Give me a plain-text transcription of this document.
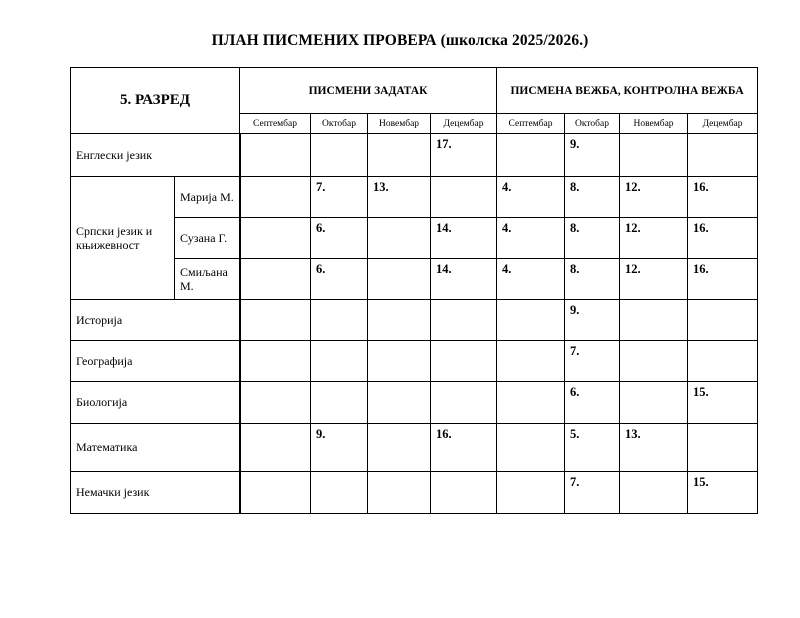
ПЛАН ПИСМЕНИХ ПРОВЕРА (школска 2025/2026.)
5. РАЗРЕД		ПИСМЕНИ ЗАДАТАК				ПИСМЕНА ВЕЖБА, КОНТРОЛНА ВЕЖБА			
		Септембар	Октобар	Новембар	Децембар	Септембар	Октобар	Новембар	Децембар
Енглески језик					17.		9.		
Српски језик и књижевност	Марија М.		7.	13.		4.	8.	12.	16.
	Сузана Г.		6.		14.	4.	8.	12.	16.
	Смиљана М.		6.		14.	4.	8.	12.	16.
Историја							9.		
Географија							7.		
Биологија							6.		15.
Математика			9.		16.		5.	13.	
Немачки језик							7.		15.
